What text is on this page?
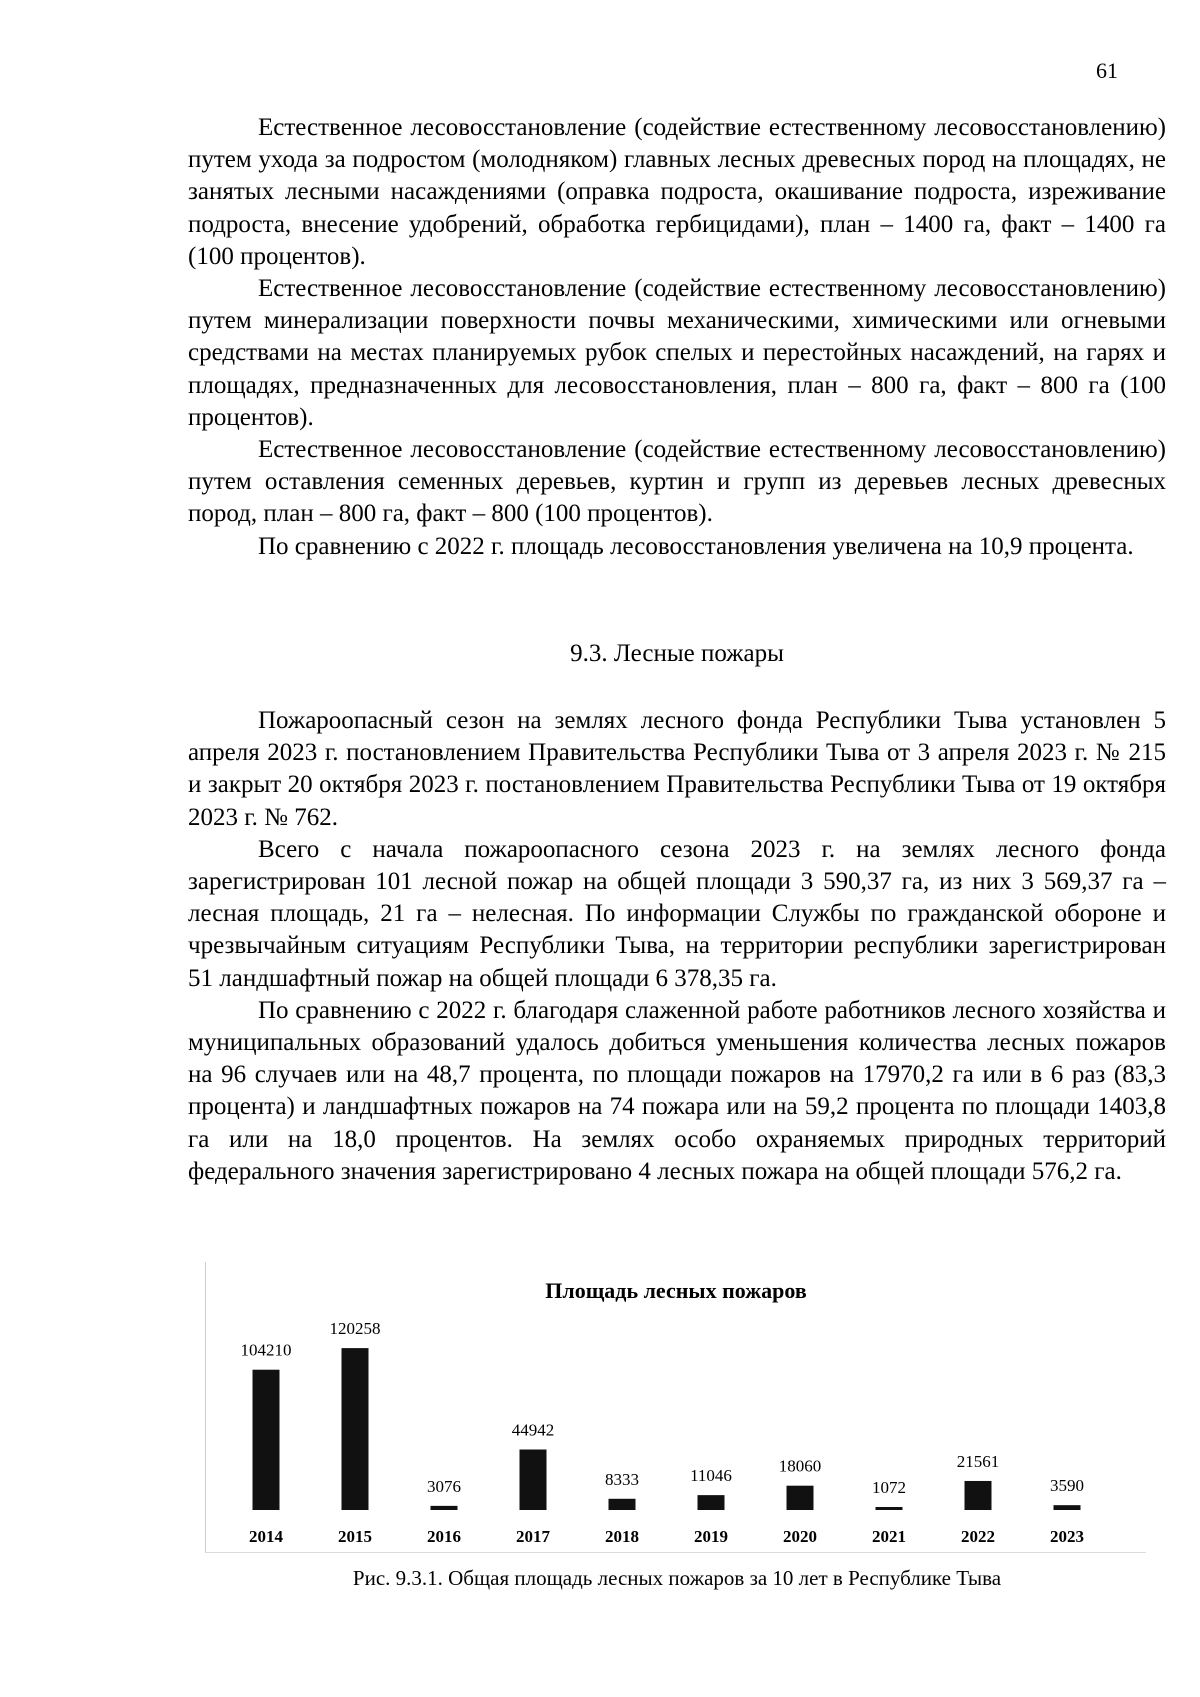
61

Естественное лесовосстановление (содействие естественному лесовосстановлению) путем ухода за подростом (молодняком) главных лесных древесных пород на площадях, не занятых лесными насаждениями (оправка подроста, окашивание подроста, изреживание подроста, внесение удобрений, обработка гербицидами), план – 1400 га, факт – 1400 га (100 процентов).

Естественное лесовосстановление (содействие естественному лесовосстановлению) путем минерализации поверхности почвы механическими, химическими или огневыми средствами на местах планируемых рубок спелых и перестойных насаждений, на гарях и площадях, предназначенных для лесовосстановления, план – 800 га, факт – 800 га (100 процентов).

Естественное лесовосстановление (содействие естественному лесовосстановлению) путем оставления семенных деревьев, куртин и групп из деревьев лесных древесных пород, план – 800 га, факт – 800 (100 процентов).

По сравнению с 2022 г. площадь лесовосстановления увеличена на 10,9 процента.

9.3. Лесные пожары

Пожароопасный сезон на землях лесного фонда Республики Тыва установлен 5 апреля 2023 г. постановлением Правительства Республики Тыва от 3 апреля 2023 г. № 215 и закрыт 20 октября 2023 г. постановлением Правительства Республики Тыва от 19 октября 2023 г. № 762.

Всего с начала пожароопасного сезона 2023 г. на землях лесного фонда зарегистрирован 101 лесной пожар на общей площади 3 590,37 га, из них 3 569,37 га – лесная площадь, 21 га – нелесная. По информации Службы по гражданской обороне и чрезвычайным ситуациям Республики Тыва, на территории республики зарегистрирован 51 ландшафтный пожар на общей площади 6 378,35 га.

По сравнению с 2022 г. благодаря слаженной работе работников лесного хозяйства и муниципальных образований удалось добиться уменьшения количества лесных пожаров на 96 случаев или на 48,7 процента, по площади пожаров на 17970,2 га или в 6 раз (83,3 процента) и ландшафтных пожаров на 74 пожара или на 59,2 процента по площади 1403,8 га или на 18,0 процентов. На землях особо охраняемых природных территорий федерального значения зарегистрировано 4 лесных пожара на общей площади 576,2 га.

Площадь лесных пожаров
104210
2014
120258
2015
3076
2016
44942
2017
8333
2018
11046
2019
18060
2020
1072
2021
21561
2022
3590
2023
Рис. 9.3.1. Общая площадь лесных пожаров за 10 лет в Республике Тыва
